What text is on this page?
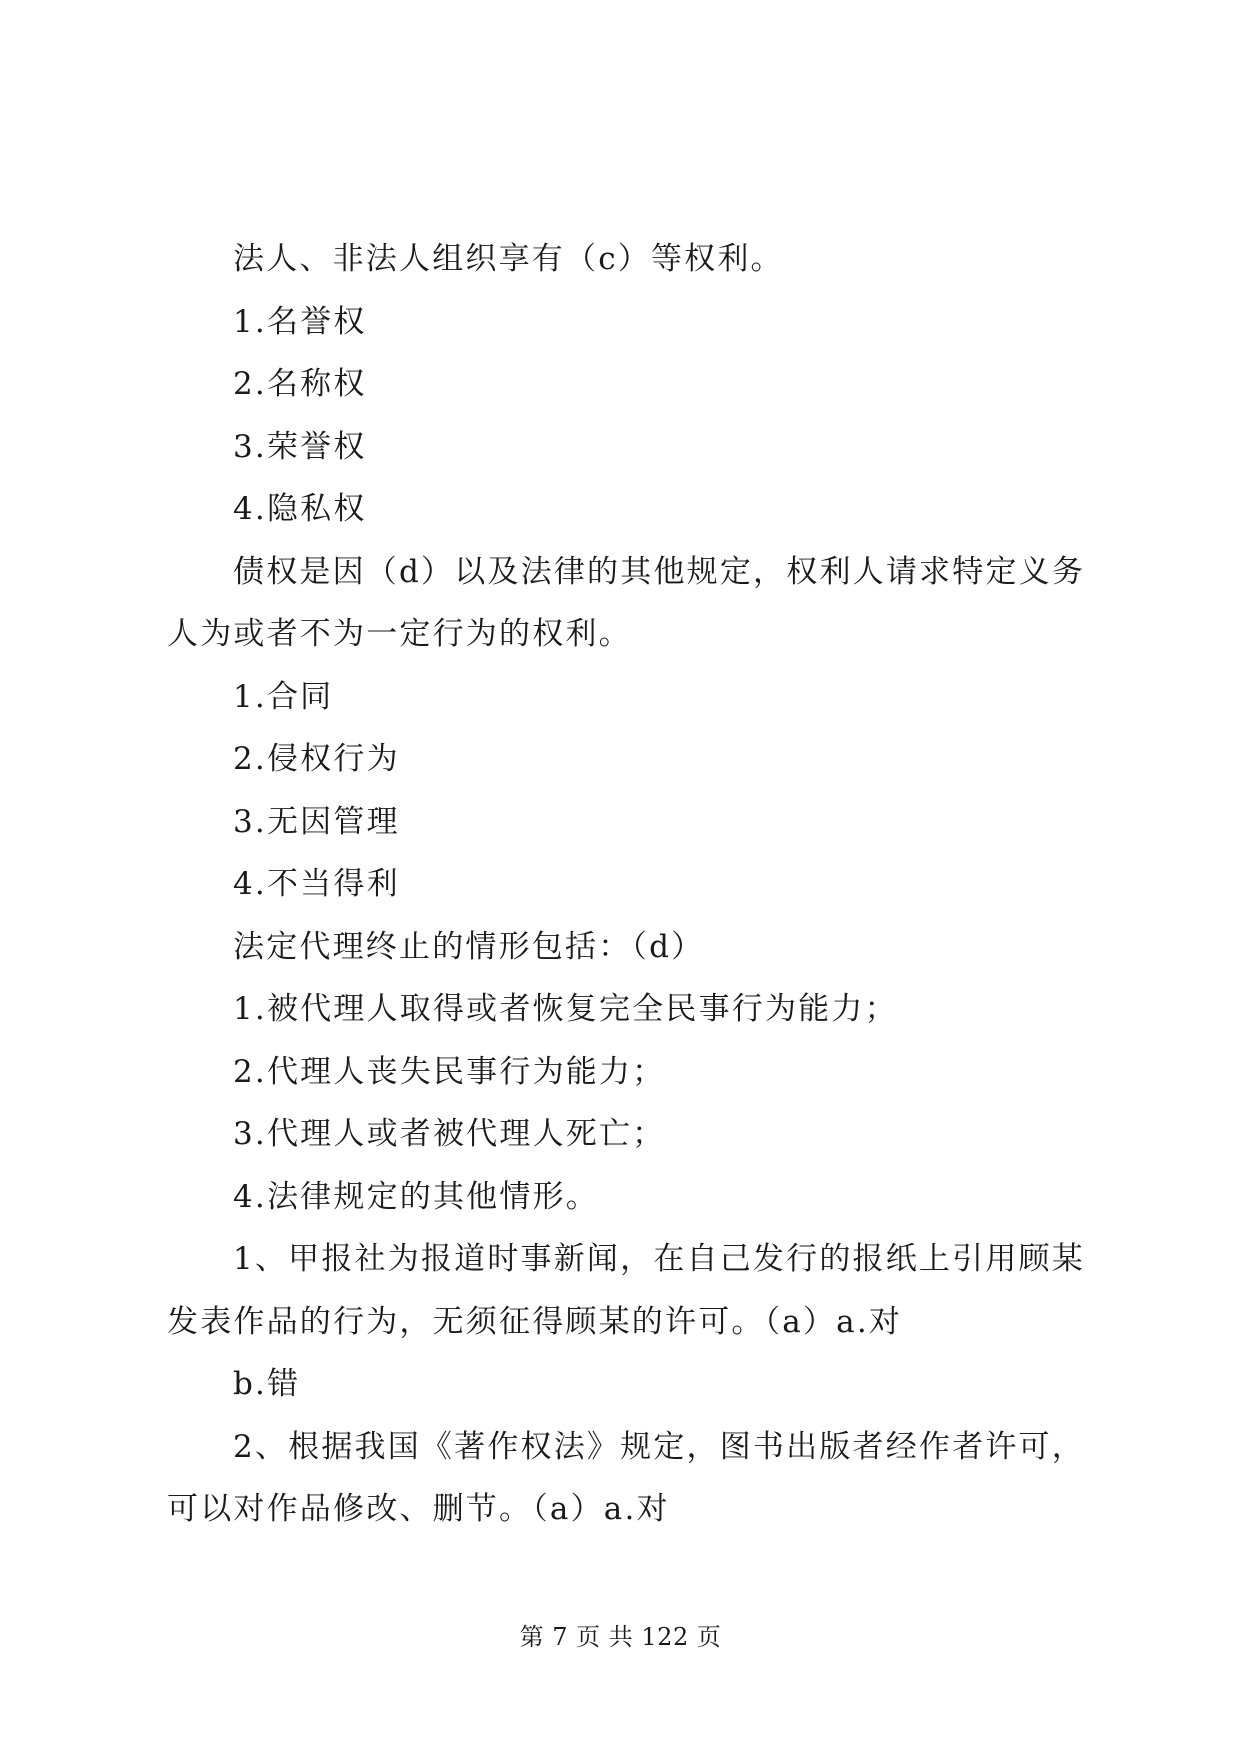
法人、非法人组织享有（c）等权利。
1.名誉权
2.名称权
3.荣誉权
4.隐私权
债权是因（d）以及法律的其他规定，权利人请求特定义务
人为或者不为一定行为的权利。
1.合同
2.侵权行为
3.无因管理
4.不当得利
法定代理终止的情形包括：（d）
1.被代理人取得或者恢复完全民事行为能力；
2.代理人丧失民事行为能力；
3.代理人或者被代理人死亡；
4.法律规定的其他情形。
1、甲报社为报道时事新闻，在自己发行的报纸上引用顾某
发表作品的行为，无须征得顾某的许可。（a）a.对
b.错
2、根据我国《著作权法》规定，图书出版者经作者许可，
可以对作品修改、删节。（a）a.对
第 7 页 共 122 页
